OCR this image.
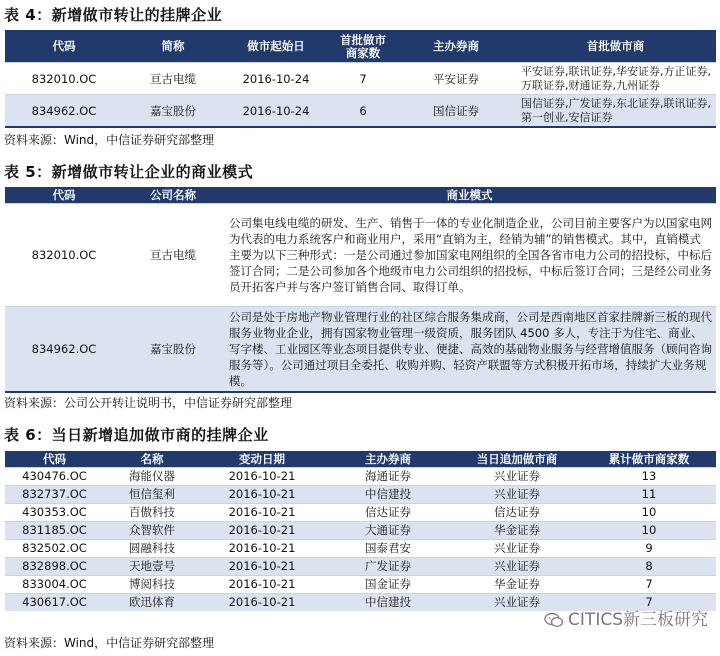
表 4：新增做市转让的挂牌企业
代码	简称	做市起始日	首批做市商家数	主办券商	首批做市商
832010.OC	亘古电缆	2016-10-24	7	平安证券	平安证券,联讯证券,华安证券,方正证券,万联证券,财通证券,九州证券
834962.OC	嘉宝股份	2016-10-24	6	国信证券	国信证券,广发证券,东北证券,联讯证券,第一创业,安信证券
资料来源：Wind，中信证券研究部整理
表 5：新增做市转让企业的商业模式
代码	公司名称	商业模式
832010.OC	亘古电缆	公司集电线电缆的研发、生产、销售于一体的专业化制造企业，公司目前主要客户为以国家电网为代表的电力系统客户和商业用户，采用“直销为主，经销为辅”的销售模式。其中，直销模式主要为以下三种形式：一是公司通过参加国家电网组织的全国各省市电力公司的招投标，中标后签订合同；二是公司参加各个地级市电力公司组织的招投标，中标后签订合同；三是经公司业务员开拓客户并与客户签订销售合同、取得订单。
834962.OC	嘉宝股份	公司是处于房地产物业管理行业的社区综合服务集成商，公司是西南地区首家挂牌新三板的现代服务业物业企业，拥有国家物业管理一级资质，服务团队 4500 多人，专注于为住宅、商业、写字楼、工业园区等业态项目提供专业、便捷、高效的基础物业服务与经营增值服务（顾问咨询服务等）。公司通过项目全委托、收购并购、轻资产联盟等方式积极开拓市场，持续扩大业务规模。
资料来源：公司公开转让说明书，中信证券研究部整理
表 6：当日新增追加做市商的挂牌企业
代码	名称	变动日期	主办券商	当日追加做市商	累计做市商家数
430476.OC	海能仪器	2016-10-21	海通证券	兴业证券	13
832737.OC	恒信玺利	2016-10-21	中信建投	兴业证券	11
430353.OC	百傲科技	2016-10-21	信达证券	信达证券	10
831185.OC	众智软件	2016-10-21	大通证券	华金证券	10
832502.OC	圆融科技	2016-10-21	国泰君安	兴业证券	9
832898.OC	天地壹号	2016-10-21	广发证券	兴业证券	8
833004.OC	博阅科技	2016-10-21	国金证券	华金证券	7
430617.OC	欧迅体育	2016-10-21	中信建投	兴业证券	7
资料来源：Wind，中信证券研究部整理
CITICS新三板研究
